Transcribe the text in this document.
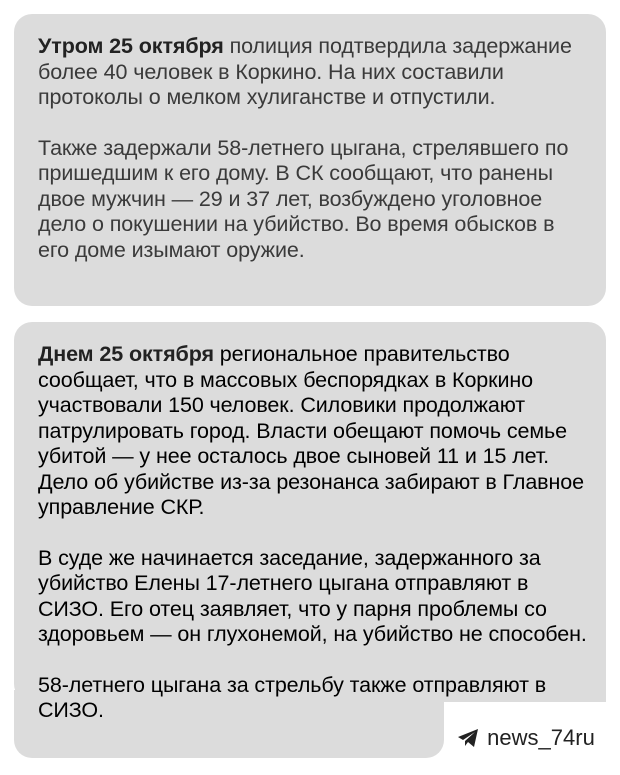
Утром 25 октября полиция подтвердила задержание более 40 человек в Коркино. На них составили протоколы о мелком хулиганстве и отпустили.

Также задержали 58-летнего цыгана, стрелявшего по пришедшим к его дому. В СК сообщают, что ранены двое мужчин — 29 и 37 лет, возбуждено уголовное дело о покушении на убийство. Во время обысков в его доме изымают оружие.

Днем 25 октября региональное правительство сообщает, что в массовых беспорядках в Коркино участвовали 150 человек. Силовики продолжают патрулировать город. Власти обещают помочь семье убитой — у нее осталось двое сыновей 11 и 15 лет. Дело об убийстве из-за резонанса забирают в Главное управление СКР.

В суде же начинается заседание, задержанного за убийство Елены 17-летнего цыгана отправляют в СИЗО. Его отец заявляет, что у парня проблемы со здоровьем — он глухонемой, на убийство не способен.

58-летнего цыгана за стрельбу также отправляют в СИЗО.

news_74ru
